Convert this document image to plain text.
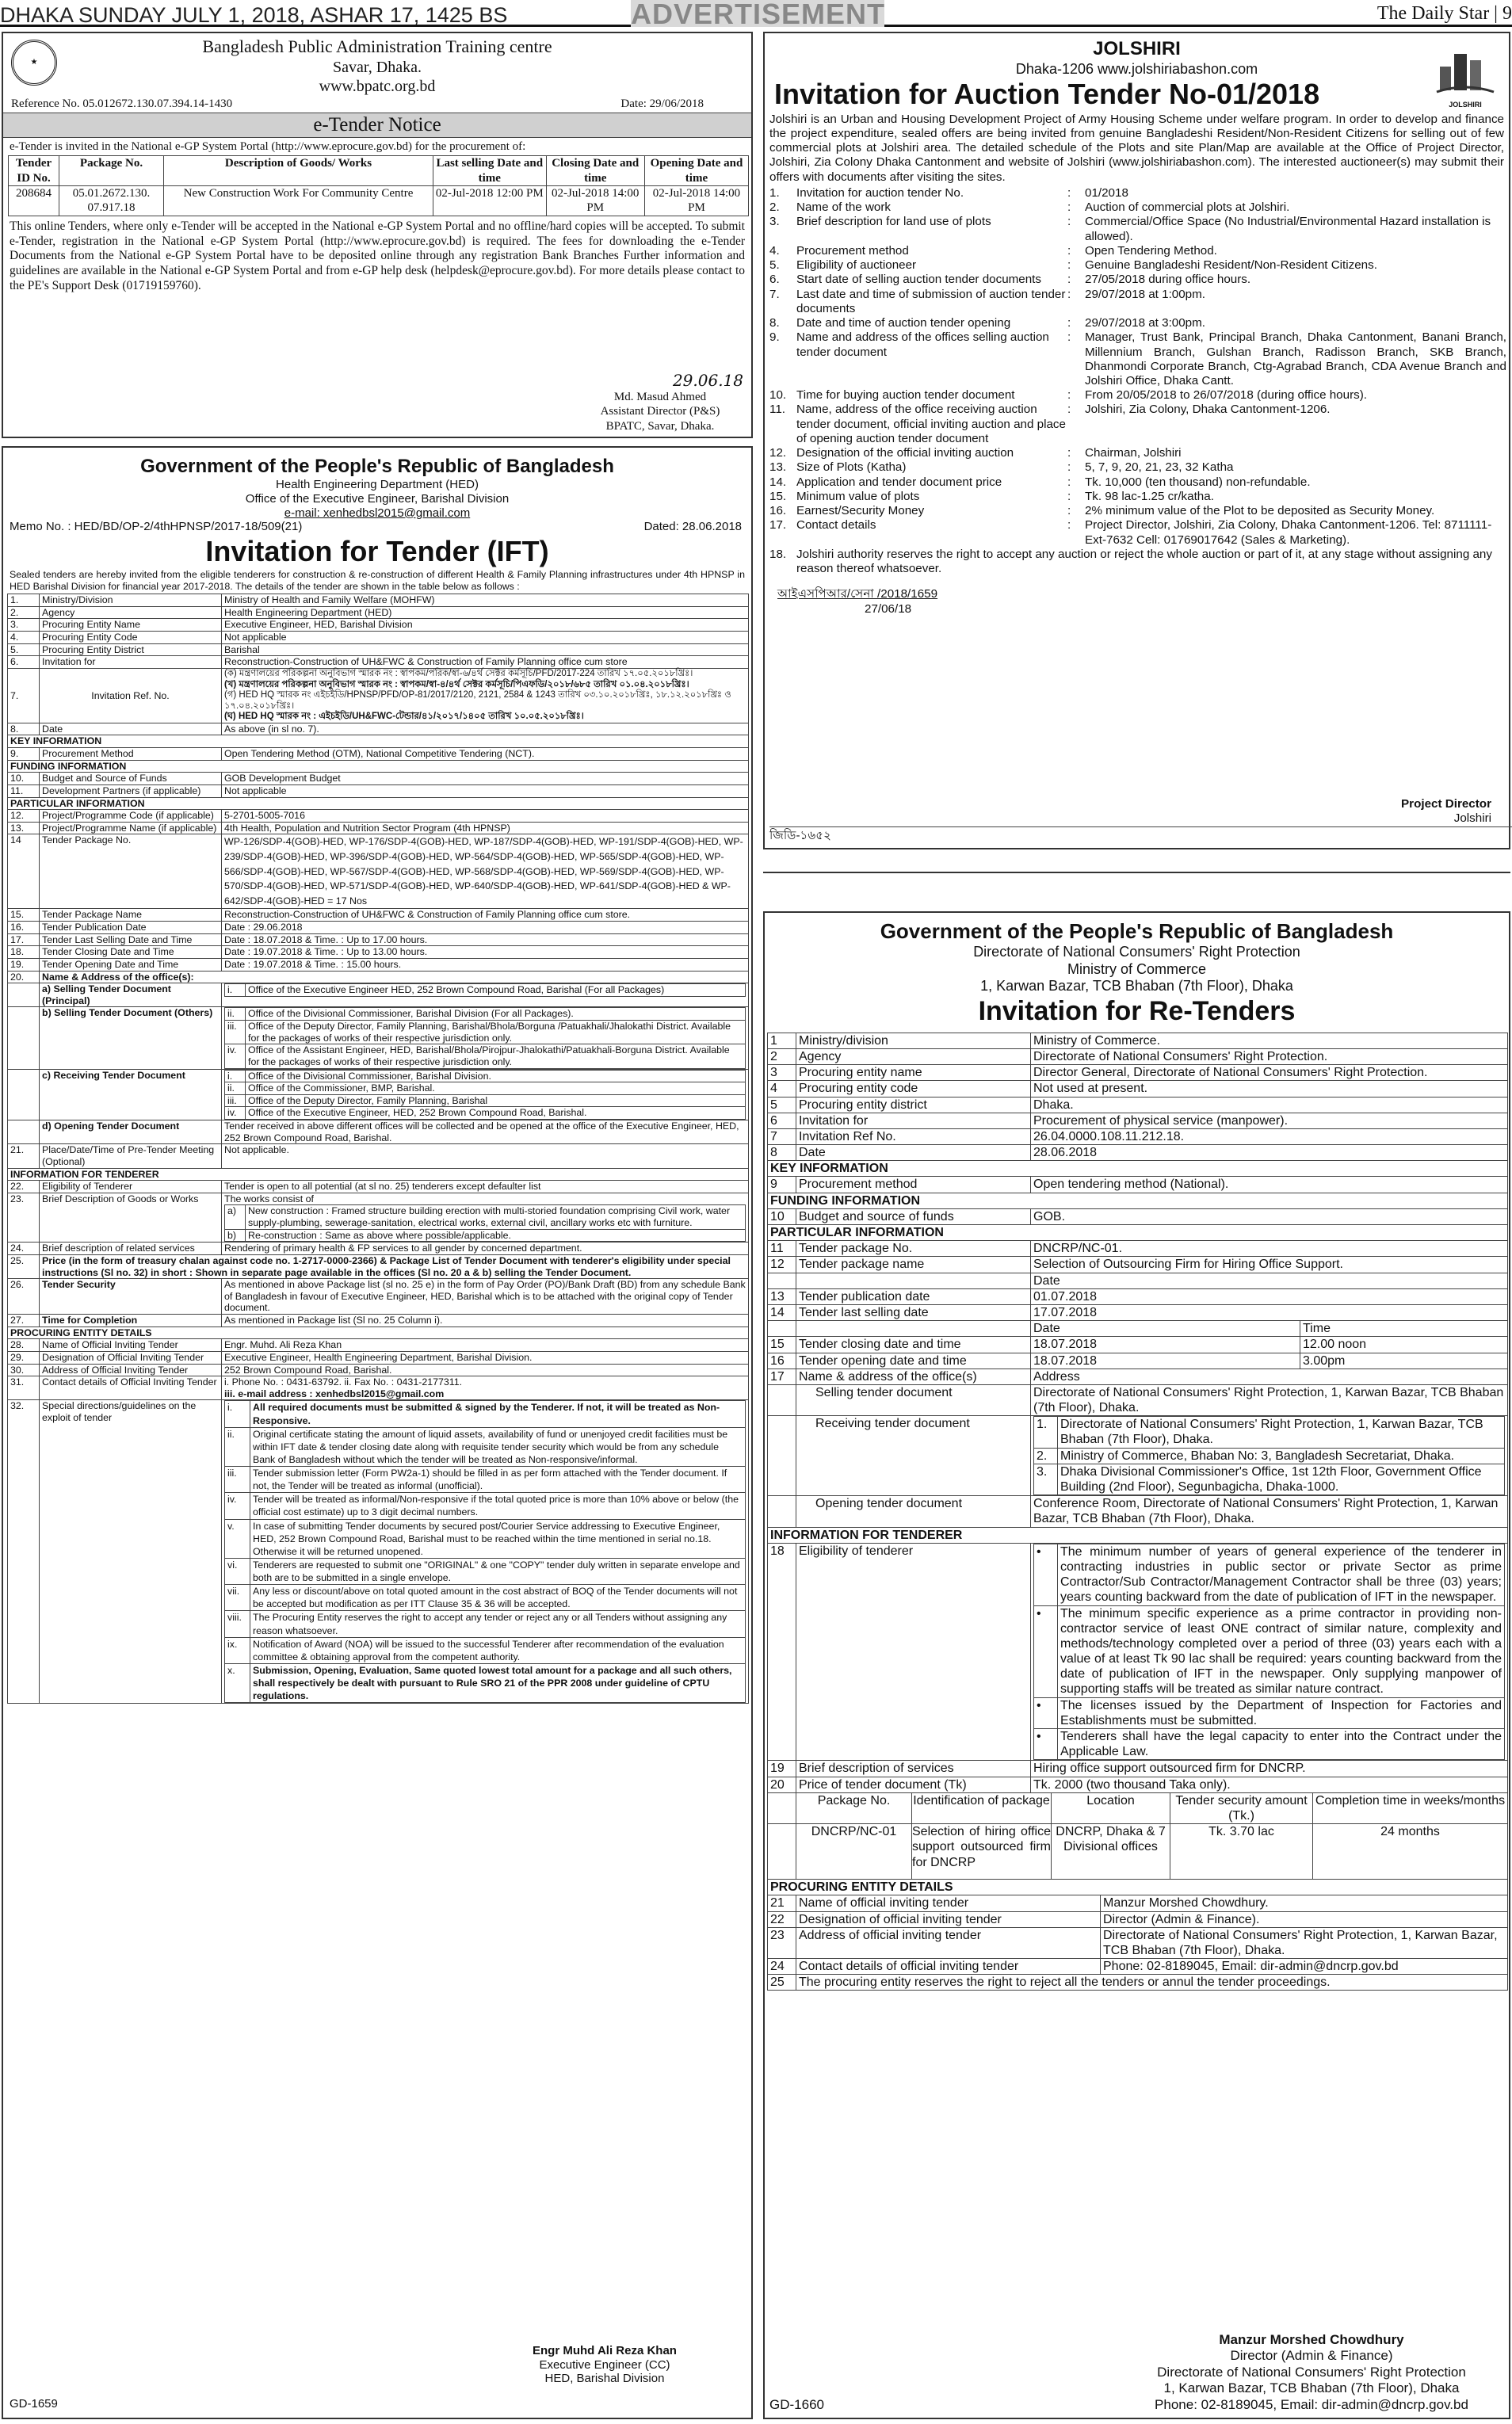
DHAKA SUNDAY JULY 1, 2018, ASHAR 17, 1425 BS	ADVERTISEMENT	The Daily Star | 9
★
Bangladesh Public Administration Training centre
Savar, Dhaka.
www.bpatc.org.bd
Reference No. 05.012672.130.07.394.14-1430	Date: 29/06/2018
e-Tender Notice
e-Tender is invited in the National e-GP System Portal (http://www.eprocure.gov.bd) for the procurement of:
Tender ID No.	Package No.	Description of Goods/ Works	Last selling Date and time	Closing Date and time	Opening Date and time
208684	05.01.2672.130. 07.917.18	New Construction Work For Community Centre	02-Jul-2018 12:00 PM	02-Jul-2018 14:00 PM	02-Jul-2018 14:00 PM
This online Tenders, where only e-Tender will be accepted in the National e-GP System Portal and no offline/hard copies will be accepted. To submit e-Tender, registration in the National e-GP System Portal (http://www.eprocure.gov.bd) is required. The fees for downloading the e-Tender Documents from the National e-GP System Portal have to be deposited online through any registration Bank Branches Further information and guidelines are available in the National e-GP System Portal and from e-GP help desk (helpdesk@eprocure.gov.bd). For more details please contact to the PE's Support Desk (01719159760).
29.06.18
Md. Masud Ahmed
Assistant Director (P&S)
BPATC, Savar, Dhaka.
Government of the People's Republic of Bangladesh
Health Engineering Department (HED)
Office of the Executive Engineer, Barishal Division
e-mail: xenhedbsl2015@gmail.com
Memo No. : HED/BD/OP-2/4thHPNSP/2017-18/509(21)	Dated: 28.06.2018
Invitation for Tender (IFT)
Sealed tenders are hereby invited from the eligible tenderers for construction & re-construction of different Health & Family Planning infrastructures under 4th HPNSP in HED Barishal Division for financial year 2017-2018. The details of the tender are shown in the table below as follows :
1.	Ministry/Division	Ministry of Health and Family Welfare (MOHFW)
2.	Agency	Health Engineering Department (HED)
3.	Procuring Entity Name	Executive Engineer, HED, Barishal Division
4.	Procuring Entity Code	Not applicable
5.	Procuring Entity District	Barishal
6.	Invitation for	Reconstruction-Construction of UH&FWC & Construction of Family Planning office cum store
7.	Invitation Ref. No.	
(ক) মন্ত্রণালয়ের পরিকল্পনা অনুবিভাগ স্মারক নং : স্বাপকম/পরিক/স্বা-৬/৪র্থ সেক্টর কর্মসূচি/PFD/2017-224 তারিখ ১৭.০৫.২০১৮খ্রিঃ।
(খ) মন্ত্রণালয়ের পরিকল্পনা অনুবিভাগ স্মারক নং : স্বাপকম/স্বা-৪/৪র্থ সেক্টর কর্মসূচি/পিএফডি/২০১৮/৬৮৫ তারিখ ০১.০৪.২০১৮খ্রিঃ।
(গ) HED HQ স্মারক নং এইচইডি/HPNSP/PFD/OP-81/2017/2120, 2121, 2584 & 1243 তারিখ ০৩.১০.২০১৮খ্রিঃ, ১৮.১২.২০১৮খ্রিঃ ও ১৭.০৪.২০১৮খ্রিঃ।
(ঘ) HED HQ স্মারক নং : এইচইডি/UH&FWC-টেন্ডার/৪১/২০১৭/১৪০৫ তারিখ ১০.০৫.২০১৮খ্রিঃ।

8.	Date	As above (in sl no. 7).
KEY INFORMATION
9.	Procurement Method	Open Tendering Method (OTM), National Competitive Tendering (NCT).
FUNDING INFORMATION
10.	Budget and Source of Funds	GOB Development Budget
11.	Development Partners (if applicable)	Not applicable
PARTICULAR INFORMATION
12.	Project/Programme Code (if applicable)	5-2701-5005-7016
13.	Project/Programme Name (if applicable)	4th Health, Population and Nutrition Sector Program (4th HPNSP)
14	Tender Package No.	WP-126/SDP-4(GOB)-HED, WP-176/SDP-4(GOB)-HED, WP-187/SDP-4(GOB)-HED, WP-191/SDP-4(GOB)-HED, WP-239/SDP-4(GOB)-HED, WP-396/SDP-4(GOB)-HED, WP-564/SDP-4(GOB)-HED, WP-565/SDP-4(GOB)-HED, WP-566/SDP-4(GOB)-HED, WP-567/SDP-4(GOB)-HED, WP-568/SDP-4(GOB)-HED, WP-569/SDP-4(GOB)-HED, WP-570/SDP-4(GOB)-HED, WP-571/SDP-4(GOB)-HED, WP-640/SDP-4(GOB)-HED, WP-641/SDP-4(GOB)-HED & WP-642/SDP-4(GOB)-HED = 17 Nos
15.	Tender Package Name	Reconstruction-Construction of UH&FWC & Construction of Family Planning office cum store.
16.	Tender Publication Date	Date : 29.06.2018
17.	Tender Last Selling Date and Time	Date : 18.07.2018 & Time. : Up to 17.00 hours.
18.	Tender Closing Date and Time	Date : 19.07.2018 & Time. : Up to 13.00 hours.
19.	Tender Opening Date and Time	Date : 19.07.2018 & Time. : 15.00 hours.
20.	Name & Address of the office(s):
	a) Selling Tender Document (Principal)	
i.	Office of the Executive Engineer HED, 252 Brown Compound Road, Barishal (For all Packages)

	b) Selling Tender Document (Others)	ii.	Office of the Divisional Commissioner, Barishal Division (For all Packages).
iii.	Office of the Deputy Director, Family Planning, Barishal/Bhola/Borguna /Patuakhali/Jhalokathi District. Available for the packages of works of their respective jurisdiction only.
iv.	Office of the Assistant Engineer, HED, Barishal/Bhola/Pirojpur-Jhalokathi/Patuakhali-Borguna District. Available for the packages of works of their respective jurisdiction only.

	c) Receiving Tender Document		i.	Office of the Divisional Commissioner, Barishal Division.
ii.	Office of the Commissioner, BMP, Barishal.
iii.	Office of the Deputy Director, Family Planning, Barishal
iv.	Office of the Executive Engineer, HED, 252 Brown Compound Road, Barishal.

	d) Opening Tender Document	Tender received in above different offices will be collected and be opened at the office of the Executive Engineer, HED, 252 Brown Compound Road, Barishal.
21.	Place/Date/Time of Pre-Tender Meeting (Optional)	Not applicable.
INFORMATION FOR TENDERER
22.	Eligibility of Tenderer	Tender is open to all potential (at sl no. 25) tenderers except defaulter list
23.	Brief Description of Goods or Works	The works consist of
a)	New construction : Framed structure building erection with multi-storied foundation comprising Civil work, water supply-plumbing, sewerage-sanitation, electrical works, external civil, ancillary works etc with furniture.
b)	Re-construction : Same as above where possible/applicable.

24.	Brief description of related services	Rendering of primary health & FP services to all gender by concerned department.
25.	Price (in the form of treasury chalan against code no. 1-2717-0000-2366) & Package List of Tender Document with tenderer's eligibility under special instructions (Sl no. 32) in short : Shown in separate page available in the offices (Sl no. 20 a & b) selling the Tender Document.
26.	Tender Security	As mentioned in above Package list (sl no. 25 e) in the form of Pay Order (PO)/Bank Draft (BD) from any schedule Bank of Bangladesh in favour of Executive Engineer, HED, Barishal which is to be attached with the original copy of Tender document.
27.	Time for Completion	As mentioned in Package list (Sl no. 25 Column i).
PROCURING ENTITY DETAILS
28.	Name of Official Inviting Tender	Engr. Muhd. Ali Reza Khan
29.	Designation of Official Inviting Tender	Executive Engineer, Health Engineering Department, Barishal Division.
30.	Address of Official Inviting Tender	252 Brown Compound Road, Barishal.
31.	Contact details of Official Inviting Tender	i. Phone No. : 0431-63792. ii. Fax No. : 0431-2177311.
iii. e-mail address : xenhedbsl2015@gmail.com

32.	Special directions/guidelines on the exploit of tender	
i.	All required documents must be submitted & signed by the Tenderer. If not, it will be treated as Non-Responsive.
ii.	Original certificate stating the amount of liquid assets, availability of fund or unenjoyed credit facilities must be within IFT date & tender closing date along with requisite tender security which would be from any schedule Bank of Bangladesh without which the tender will be treated as Non-responsive/informal.
iii.	Tender submission letter (Form PW2a-1) should be filled in as per form attached with the Tender document. If not, the Tender will be treated as informal (unofficial).
iv.	Tender will be treated as informal/Non-responsive if the total quoted price is more than 10% above or below (the official cost estimate) up to 3 digit decimal numbers.
v.	In case of submitting Tender documents by secured post/Courier Service addressing to Executive Engineer, HED, 252 Brown Compound Road, Barishal must to be reached within the time mentioned in serial no.18. Otherwise it will be returned unopened.
vi.	Tenderers are requested to submit one "ORIGINAL" & one "COPY" tender duly written in separate envelope and both are to be submitted in a single envelope.
vii.	Any less or discount/above on total quoted amount in the cost abstract of BOQ of the Tender documents will not be accepted but modification as per ITT Clause 35 & 36 will be accepted.
viii.	The Procuring Entity reserves the right to accept any tender or reject any or all Tenders without assigning any reason whatsoever.
ix.	Notification of Award (NOA) will be issued to the successful Tenderer after recommendation of the evaluation committee & obtaining approval from the competent authority.
x.	Submission, Opening, Evaluation, Same quoted lowest total amount for a package and all such others, shall respectively be dealt with pursuant to Rule SRO 21 of the PPR 2008 under guideline of CPTU regulations.
Engr Muhd Ali Reza Khan
Executive Engineer (CC)
HED, Barishal Division
GD-1659
JOLSHIRI
Dhaka-1206 www.jolshiriabashon.com
JOLSHIRI
Invitation for Auction Tender No-01/2018
Jolshiri is an Urban and Housing Development Project of Army Housing Scheme under welfare program. In order to develop and finance the project expenditure, sealed offers are being invited from genuine Bangladeshi Resident/Non-Resident Citizens for selling out of few commercial plots at Jolshiri area. The detailed schedule of the Plots and site Plan/Map are available at the Office of Project Director, Jolshiri, Zia Colony Dhaka Cantonment and website of Jolshiri (www.jolshiriabashon.com). The interested auctioneer(s) may submit their offers with documents after visiting the sites.
1.	Invitation for auction tender No.	:	01/2018
2.	Name of the work	:	Auction of commercial plots at Jolshiri.
3.	Brief description for land use of plots	:	Commercial/Office Space (No Industrial/Environmental Hazard installation is allowed).
4.	Procurement method	:	Open Tendering Method.
5.	Eligibility of auctioneer	:	Genuine Bangladeshi Resident/Non-Resident Citizens.
6.	Start date of selling auction tender documents	:	27/05/2018 during office hours.
7.	Last date and time of submission of auction tender documents	:	29/07/2018 at 1:00pm.
8.	Date and time of auction tender opening	:	29/07/2018 at 3:00pm.
9.	Name and address of the offices selling auction tender document	:	Manager, Trust Bank, Principal Branch, Dhaka Cantonment, Banani Branch, Millennium Branch, Gulshan Branch, Radisson Branch, SKB Branch, Dhanmondi Corporate Branch, Ctg-Agrabad Branch, CDA Avenue Branch and Jolshiri Office, Dhaka Cantt.
10.	Time for buying auction tender document	:	From 20/05/2018 to 26/07/2018 (during office hours).
11.	Name, address of the office receiving auction tender document, official inviting auction and place of opening auction tender document	:	Jolshiri, Zia Colony, Dhaka Cantonment-1206.
12.	Designation of the official inviting auction	:	Chairman, Jolshiri
13.	Size of Plots (Katha)	:	5, 7, 9, 20, 21, 23, 32 Katha
14.	Application and tender document price	:	Tk. 10,000 (ten thousand) non-refundable.
15.	Minimum value of plots	:	Tk. 98 lac-1.25 cr/katha.
16.	Earnest/Security Money	:	2% minimum value of the Plot to be deposited as Security Money.
17.	Contact details	:	Project Director, Jolshiri, Zia Colony, Dhaka Cantonment-1206. Tel: 8711111-Ext-7632 Cell: 01769017642 (Sales & Marketing).
18.	Jolshiri authority reserves the right to accept any auction or reject the whole auction or part of it, at any stage without assigning any reason thereof whatsoever.		
আইএসপিআর/সেনা /2018/1659
27/06/18
Project Director
Jolshiri
জিডি-১৬৫২
Government of the People's Republic of Bangladesh
Directorate of National Consumers' Right Protection
Ministry of Commerce
1, Karwan Bazar, TCB Bhaban (7th Floor), Dhaka
Invitation for Re-Tenders
1	Ministry/division	Ministry of Commerce.
2	Agency	Directorate of National Consumers' Right Protection.
3	Procuring entity name	Director General, Directorate of National Consumers' Right Protection.
4	Procuring entity code	Not used at present.
5	Procuring entity district	Dhaka.
6	Invitation for	Procurement of physical service (manpower).
7	Invitation Ref No.	26.04.0000.108.11.212.18.
8	Date	28.06.2018
KEY INFORMATION
9	Procurement method	Open tendering method (National).
FUNDING INFORMATION
10	Budget and source of funds	GOB.
PARTICULAR INFORMATION
11	Tender package No.	DNCRP/NC-01.
12	Tender package name	Selection of Outsourcing Firm for Hiring Office Support.
		Date
13	Tender publication date	01.07.2018
14	Tender last selling date	17.07.2018
		Date	Time
15	Tender closing date and time	18.07.2018	12.00 noon
16	Tender opening date and time	18.07.2018	3.00pm
17	Name & address of the office(s)	Address
	Selling tender document	Directorate of National Consumers' Right Protection, 1, Karwan Bazar, TCB Bhaban (7th Floor), Dhaka.
	Receiving tender document		1.	Directorate of National Consumers' Right Protection, 1, Karwan Bazar, TCB Bhaban (7th Floor), Dhaka.
2.	Ministry of Commerce, Bhaban No: 3, Bangladesh Secretariat, Dhaka.
3.	Dhaka Divisional Commissioner's Office, 1st 12th Floor, Government Office Building (2nd Floor), Segunbagicha, Dhaka-1000.

	Opening tender document	Conference Room, Directorate of National Consumers' Right Protection, 1, Karwan Bazar, TCB Bhaban (7th Floor), Dhaka.
INFORMATION FOR TENDERER
18	Eligibility of tenderer		•	The minimum number of years of general experience of the tenderer in contracting industries in public sector or private Sector as prime Contractor/Sub Contractor/Management Contractor shall be three (03) years; years counting backward from the date of publication of IFT in the newspaper.
•	The minimum specific experience as a prime contractor in providing non-contractor service of least ONE contract of similar nature, complexity and methods/technology completed over a period of three (03) years each with a value of at least Tk 90 lac shall be required: years counting backward from the date of publication of IFT in the newspaper. Only supplying manpower of supporting staffs will be treated as similar nature contract.
•	The licenses issued by the Department of Inspection for Factories and Establishments must be submitted.
•	Tenderers shall have the legal capacity to enter into the Contract under the Applicable Law.

19	Brief description of services	Hiring office support outsourced firm for DNCRP.
20	Price of tender document (Tk)	Tk. 2000 (two thousand Taka only).
	Package No.	Identification of package	Location	Tender security amount (Tk.)	Completion time in weeks/months
	DNCRP/NC-01	Selection of hiring office support outsourced firm for DNCRP	DNCRP, Dhaka & 7 Divisional offices	Tk. 3.70 lac	24 months
PROCURING ENTITY DETAILS		
21	Name of official inviting tender	Manzur Morshed Chowdhury.
22	Designation of official inviting tender	Director (Admin & Finance).
23	Address of official inviting tender	Directorate of National Consumers' Right Protection, 1, Karwan Bazar, TCB Bhaban (7th Floor), Dhaka.
24	Contact details of official inviting tender	Phone: 02-8189045, Email: dir-admin@dncrp.gov.bd
25	The procuring entity reserves the right to reject all the tenders or annul the tender proceedings.	
Manzur Morshed Chowdhury
Director (Admin & Finance)
Directorate of National Consumers' Right Protection
1, Karwan Bazar, TCB Bhaban (7th Floor), Dhaka
Phone: 02-8189045, Email: dir-admin@dncrp.gov.bd
GD-1660
